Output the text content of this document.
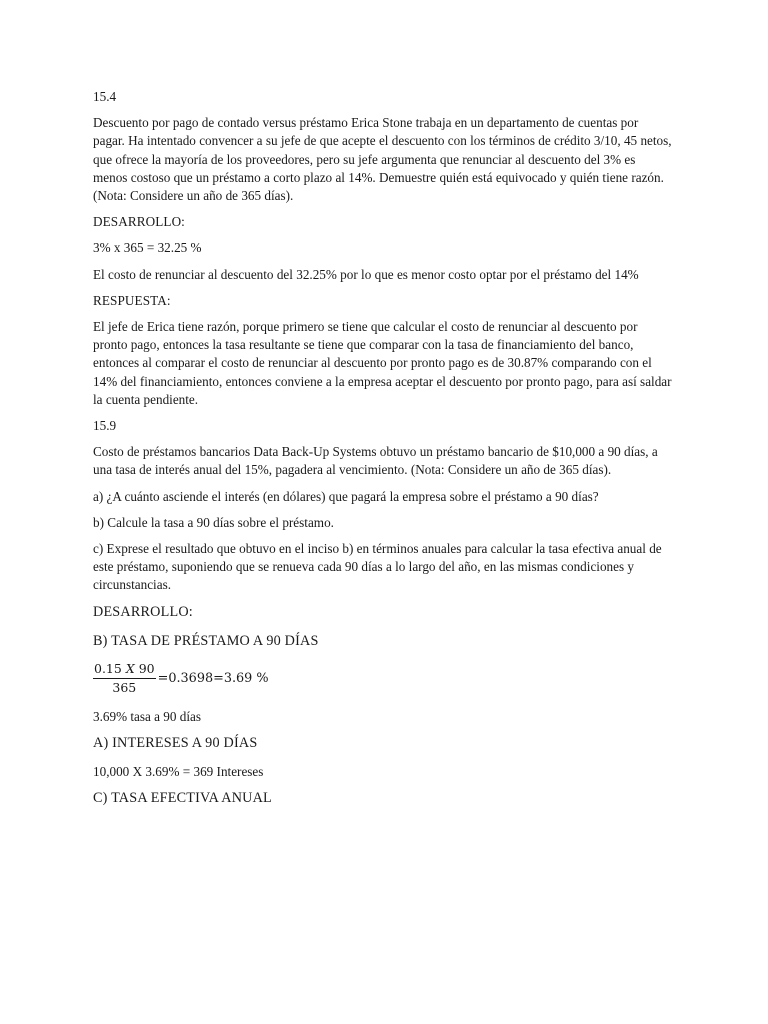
15.4

Descuento por pago de contado versus préstamo Erica Stone trabaja en un departamento de cuentas por pagar. Ha intentado convencer a su jefe de que acepte el descuento con los términos de crédito 3/10, 45 netos, que ofrece la mayoría de los proveedores, pero su jefe argumenta que renunciar al descuento del 3% es menos costoso que un préstamo a corto plazo al 14%. Demuestre quién está equivocado y quién tiene razón. (Nota: Considere un año de 365 días).

DESARROLLO:

3% x 365 = 32.25 %

El costo de renunciar al descuento del 32.25% por lo que es menor costo optar por el préstamo del 14%

RESPUESTA:

El jefe de Erica tiene razón, porque primero se tiene que calcular el costo de renunciar al descuento por pronto pago, entonces la tasa resultante se tiene que comparar con la tasa de financiamiento del banco, entonces al comparar el costo de renunciar al descuento por pronto pago es de 30.87% comparando con el 14% del financiamiento, entonces conviene a la empresa aceptar el descuento por pronto pago, para así saldar la cuenta pendiente.

15.9

Costo de préstamos bancarios Data Back-Up Systems obtuvo un préstamo bancario de $10,000 a 90 días, a una tasa de interés anual del 15%, pagadera al vencimiento. (Nota: Considere un año de 365 días).

a) ¿A cuánto asciende el interés (en dólares) que pagará la empresa sobre el préstamo a 90 días?

b) Calcule la tasa a 90 días sobre el préstamo.

c) Exprese el resultado que obtuvo en el inciso b) en términos anuales para calcular la tasa efectiva anual de este préstamo, suponiendo que se renueva cada 90 días a lo largo del año, en las mismas condiciones y circunstancias.

DESARROLLO:

B) TASA DE PRÉSTAMO A 90 DÍAS

$\frac{0.15 X 90}{365} =0.3698=3.69$ %

3.69% tasa a 90 días

A) INTERESES A 90 DÍAS

10,000 X 3.69% = 369 Intereses

C) TASA EFECTIVA ANUAL
